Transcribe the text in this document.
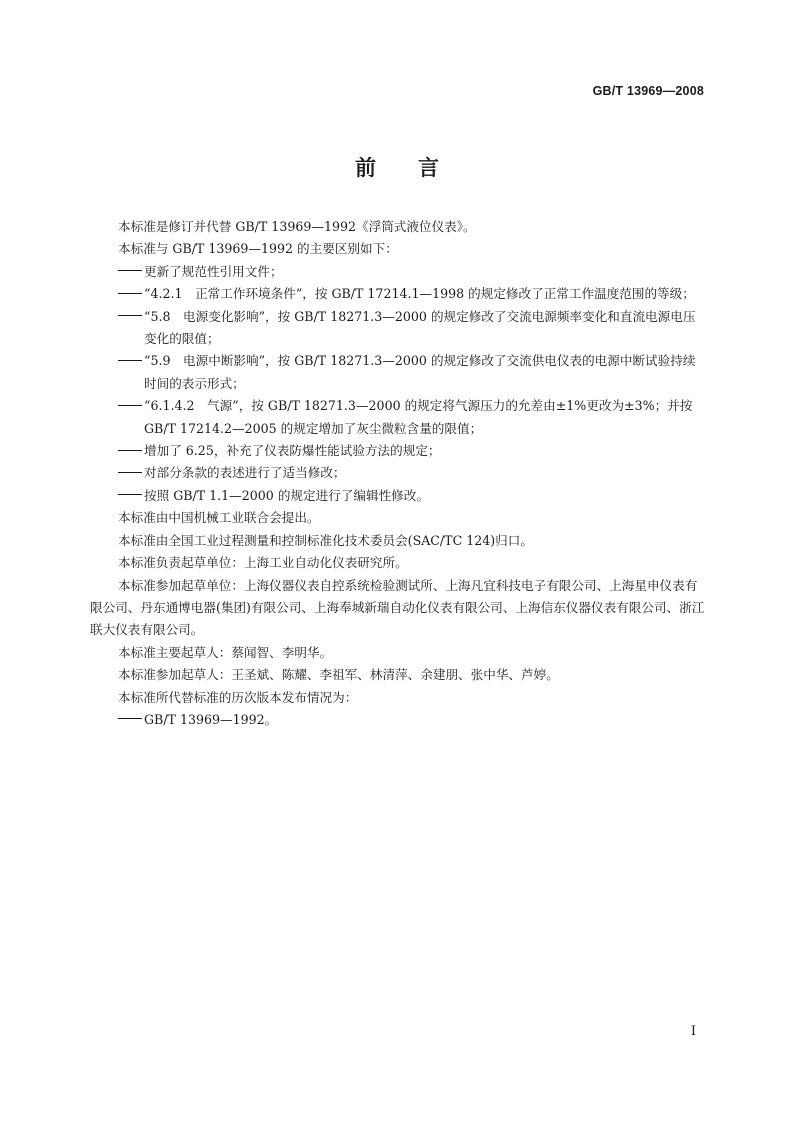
GB/T 13969—2008
前 言

本标准是修订并代替 GB/T 13969—1992《浮筒式液位仪表》。

本标准与 GB/T 13969—1992 的主要区别如下：

更新了规范性引用文件；

“4.2.1　正常工作环境条件”，按 GB/T 17214.1—1998 的规定修改了正常工作温度范围的等级；

“5.8　电源变化影响”，按 GB/T 18271.3—2000 的规定修改了交流电源频率变化和直流电源电压变化的限值；

“5.9　电源中断影响”，按 GB/T 18271.3—2000 的规定修改了交流供电仪表的电源中断试验持续时间的表示形式；

“6.1.4.2　气源”，按 GB/T 18271.3—2000 的规定将气源压力的允差由±1%更改为±3%；并按 GB/T 17214.2—2005 的规定增加了灰尘微粒含量的限值；

增加了 6.25，补充了仪表防爆性能试验方法的规定；

对部分条款的表述进行了适当修改；

按照 GB/T 1.1—2000 的规定进行了编辑性修改。

本标准由中国机械工业联合会提出。

本标准由全国工业过程测量和控制标准化技术委员会(SAC/TC 124)归口。

本标准负责起草单位：上海工业自动化仪表研究所。

本标准参加起草单位：上海仪器仪表自控系统检验测试所、上海凡宜科技电子有限公司、上海星申仪表有限公司、丹东通博电器(集团)有限公司、上海奉城新瑞自动化仪表有限公司、上海信东仪器仪表有限公司、浙江联大仪表有限公司。

本标准主要起草人：蔡闻智、李明华。

本标准参加起草人：王圣斌、陈耀、李祖军、林清萍、余建朋、张中华、芦婷。

本标准所代替标准的历次版本发布情况为：

GB/T 13969—1992。

I
